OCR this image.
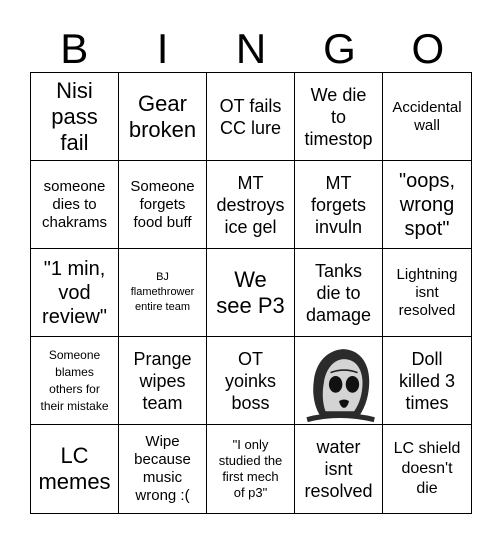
B	I	N	G	O
Nisi
pass
fail
Gear
broken
OT fails
CC lure
We die
to
timestop
Accidental
wall
someone
dies to
chakrams
Someone
forgets
food buff
MT
destroys
ice gel
MT
forgets
invuln
"oops,
wrong
spot"
"1 min,
vod
review"
BJ
flamethrower
entire team
We
see P3
Tanks
die to
damage
Lightning
isnt
resolved
Someone
blames
others for
their mistake
Prange
wipes
team
OT
yoinks
boss
Doll
killed 3
times
LC
memes
Wipe
because
music
wrong :(
"I only
studied the
first mech
of p3"
water
isnt
resolved
LC shield
doesn't
die
